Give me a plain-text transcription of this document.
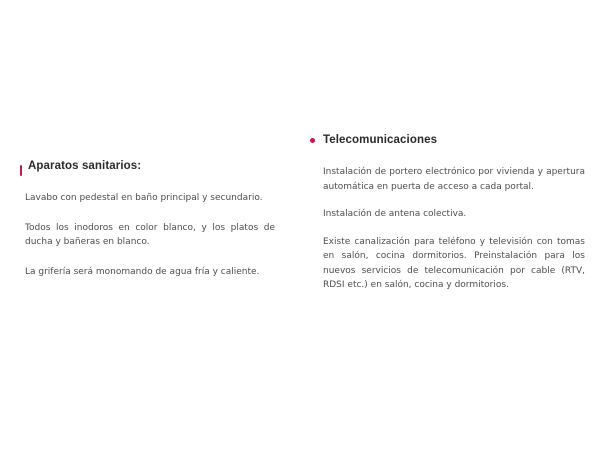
Aparatos sanitarios:

Lavabo con pedestal en baño principal y secundario.

Todos los inodoros en color blanco, y los platos de ducha y bañeras en blanco.

La grifería será monomando de agua fría y caliente.

Telecomunicaciones

Instalación de portero electrónico por vivienda y apertura automática en puerta de acceso a cada portal.

Instalación de antena colectiva.

Existe canalización para teléfono y televisión con tomas en salón, cocina dormitorios. Preinstalación para los nuevos servicios de telecomunicación por cable (RTV, RDSI etc.) en salón, cocina y dormitorios.
